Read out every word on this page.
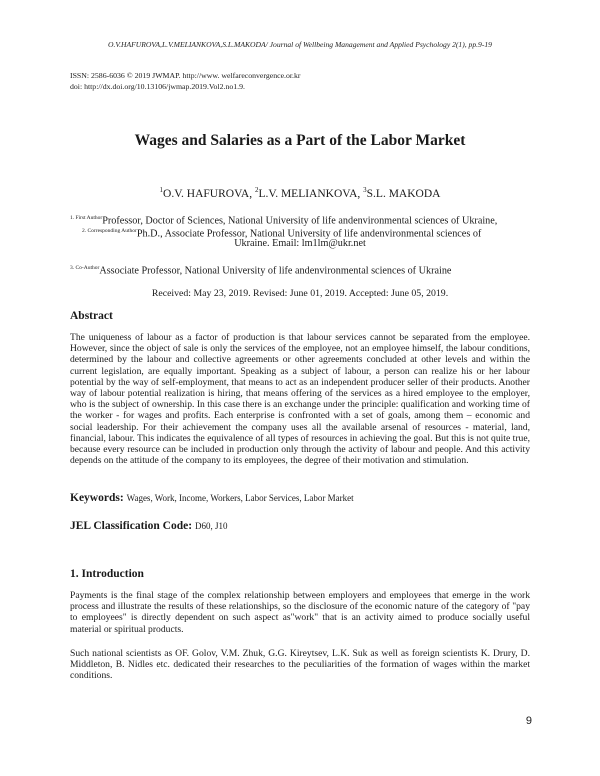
O.V.HAFUROVA,L.V.MELIANKOVA,S.L.MAKODA/ Journal of Wellbeing Management and Applied Psychology 2(1), pp.9-19
ISSN: 2586-6036 © 2019 JWMAP. http://www. welfareconvergence.or.kr
doi: http://dx.doi.org/10.13106/jwmap.2019.Vol2.no1.9.
Wages and Salaries as a Part of the Labor Market
$^1$O.V. HAFUROVA, $^2$L.V. MELIANKOVA, $^3$S.L. MAKODA
$^{1. First Author}$Professor, Doctor of Sciences, National University of life andenvironmental sciences of Ukraine,
$^{2. Corresponding Author}$Ph.D., Associate Professor, National University of life andenvironmental sciences of
Ukraine. Email: lm1lm@ukr.net
$^{3. Co-Author}$Associate Professor, National University of life andenvironmental sciences of Ukraine
Received: May 23, 2019. Revised: June 01, 2019. Accepted: June 05, 2019.
Abstract

The uniqueness of labour as a factor of production is that labour services cannot be separated from the employee. However, since the object of sale is only the services of the employee, not an employee himself, the labour conditions, determined by the labour and collective agreements or other agreements concluded at other levels and within the current legislation, are equally important. Speaking as a subject of labour, a person can realize his or her labour potential by the way of self-employment, that means to act as an independent producer seller of their products. Another way of labour potential realization is hiring, that means offering of the services as a hired employee to the employer, who is the subject of ownership. In this case there is an exchange under the principle: qualification and working time of the worker - for wages and profits. Each enterprise is confronted with a set of goals, among them – economic and social leadership. For their achievement the company uses all the available arsenal of resources - material, land, financial, labour. This indicates the equivalence of all types of resources in achieving the goal. But this is not quite true, because every resource can be included in production only through the activity of labour and people. And this activity depends on the attitude of the company to its employees, the degree of their motivation and stimulation.

Keywords: Wages, Work, Income, Workers, Labor Services, Labor Market
JEL Classification Code: D60, J10
1. Introduction

Payments is the final stage of the complex relationship between employers and employees that emerge in the work process and illustrate the results of these relationships, so the disclosure of the economic nature of the category of "pay to employees" is directly dependent on such aspect as"work" that is an activity aimed to produce socially useful material or spiritual products.

Such national scientists as OF. Golov, V.M. Zhuk, G.G. Kireytsev, L.K. Suk as well as foreign scientists K. Drury, D. Middleton, B. Nidles etc. dedicated their researches to the peculiarities of the formation of wages within the market conditions.

9
